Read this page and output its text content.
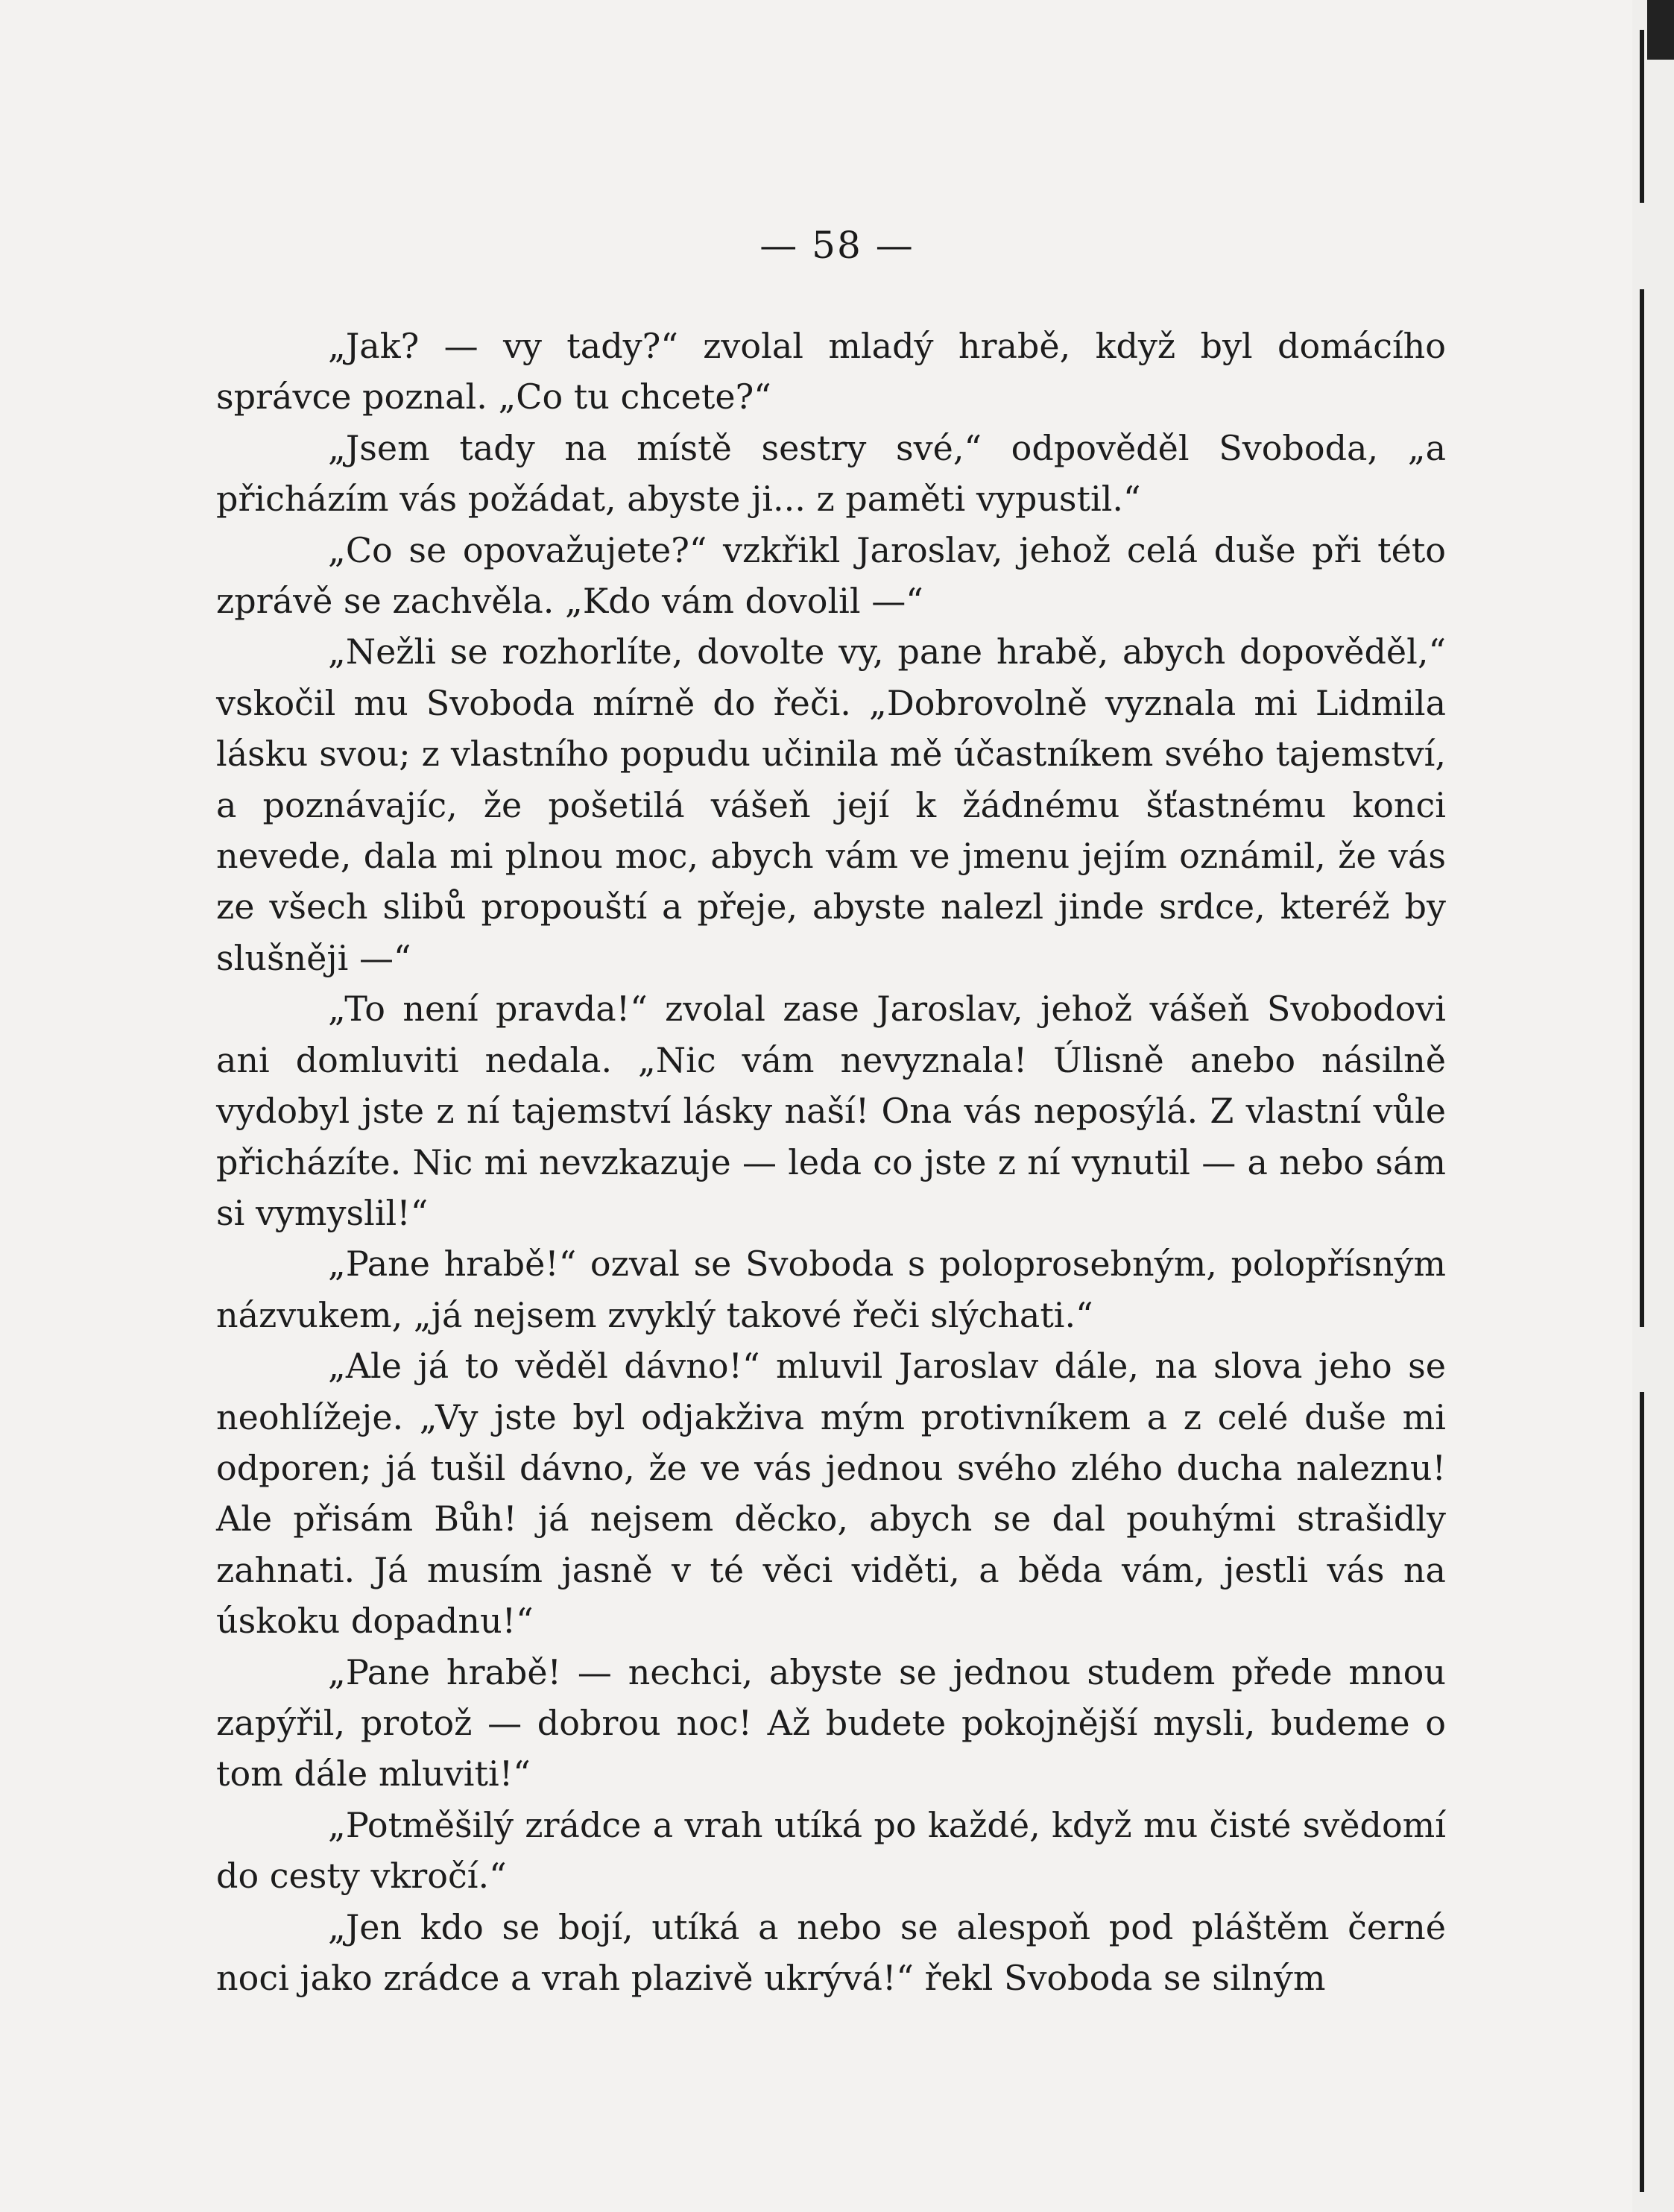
— 58 —

„Jak? — vy tady?“ zvolal mladý hrabě, když byl domácího správce poznal. „Co tu chcete?“

„Jsem tady na místě sestry své,“ odpověděl Svoboda, „a přicházím vás požádat, abyste ji... z paměti vypustil.“

„Co se opovažujete?“ vzkřikl Jaroslav, jehož celá duše při této zprávě se zachvěla. „Kdo vám dovolil —“

„Nežli se rozhorlíte, dovolte vy, pane hrabě, abych dopověděl,“ vskočil mu Svoboda mírně do řeči. „Dobrovolně vyznala mi Lidmila lásku svou; z vlastního popudu učinila mě účastníkem svého tajemství, a poznávajíc, že pošetilá vášeň její k žádnému šťastnému konci nevede, dala mi plnou moc, abych vám ve jmenu jejím oznámil, že vás ze všech slibů propouští a přeje, abyste nalezl jinde srdce, kteréž by slušněji —“

„To není pravda!“ zvolal zase Jaroslav, jehož vášeň Svobodovi ani domluviti nedala. „Nic vám nevyznala! Úlisně anebo násilně vydobyl jste z ní tajemství lásky naší! Ona vás neposýlá. Z vlastní vůle přicházíte. Nic mi nevzkazuje — leda co jste z ní vynutil — a nebo sám si vymyslil!“

„Pane hrabě!“ ozval se Svoboda s poloprosebným, polopřísným názvukem, „já nejsem zvyklý takové řeči slýchati.“

„Ale já to věděl dávno!“ mluvil Jaroslav dále, na slova jeho se neohlížeje. „Vy jste byl odjakživa mým protivníkem a z celé duše mi odporen; já tušil dávno, že ve vás jednou svého zlého ducha naleznu! Ale přisám Bůh! já nejsem děcko, abych se dal pouhými strašidly zahnati. Já musím jasně v té věci viděti, a běda vám, jestli vás na úskoku dopadnu!“

„Pane hrabě! — nechci, abyste se jednou studem přede mnou zapýřil, protož — dobrou noc! Až budete pokojnější mysli, budeme o tom dále mluviti!“

„Potměšilý zrádce a vrah utíká po každé, když mu čisté svědomí do cesty vkročí.“

„Jen kdo se bojí, utíká a nebo se alespoň pod pláštěm černé noci jako zrádce a vrah plazivě ukrývá!“ řekl Svoboda se silným
